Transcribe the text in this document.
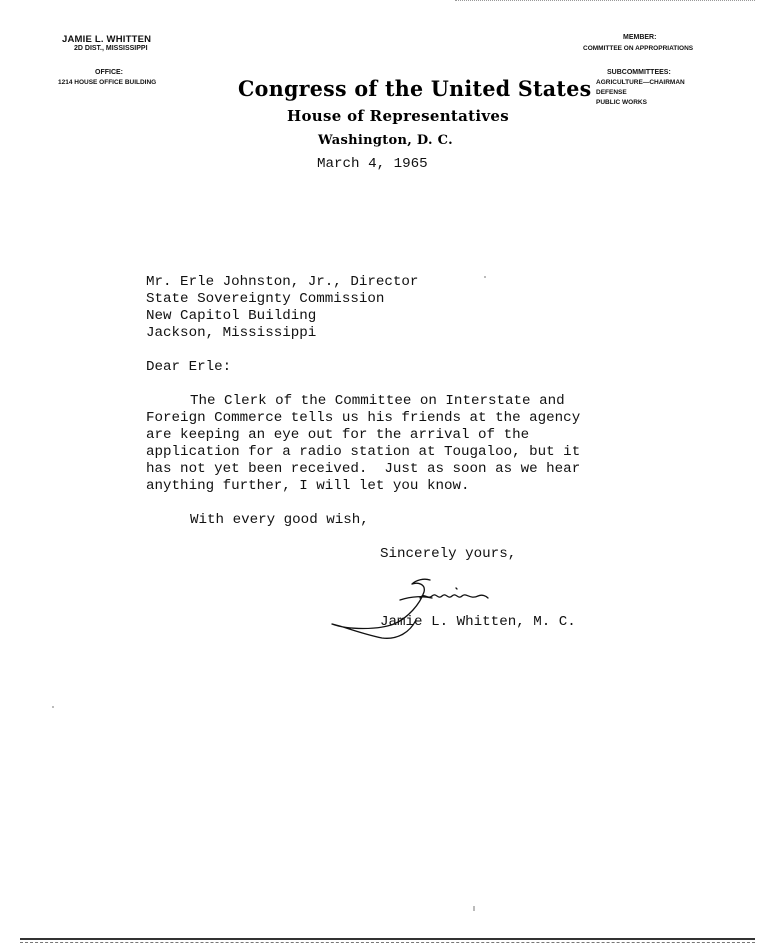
JAMIE L. WHITTEN
2D DIST., MISSISSIPPI
OFFICE:
1214 HOUSE OFFICE BUILDING
MEMBER:
COMMITTEE ON APPROPRIATIONS
SUBCOMMITTEES:
AGRICULTURE—CHAIRMAN
DEFENSE
PUBLIC WORKS
Congress of the United States
House of Representatives
Washington, D. C.
March 4, 1965
Mr. Erle Johnston, Jr., Director
State Sovereignty Commission
New Capitol Building
Jackson, Mississippi
Dear Erle:
The Clerk of the Committee on Interstate and
Foreign Commerce tells us his friends at the agency
are keeping an eye out for the arrival of the
application for a radio station at Tougaloo, but it
has not yet been received.  Just as soon as we hear
anything further, I will let you know.
With every good wish,
Sincerely yours,
Jamie L. Whitten, M. C.
